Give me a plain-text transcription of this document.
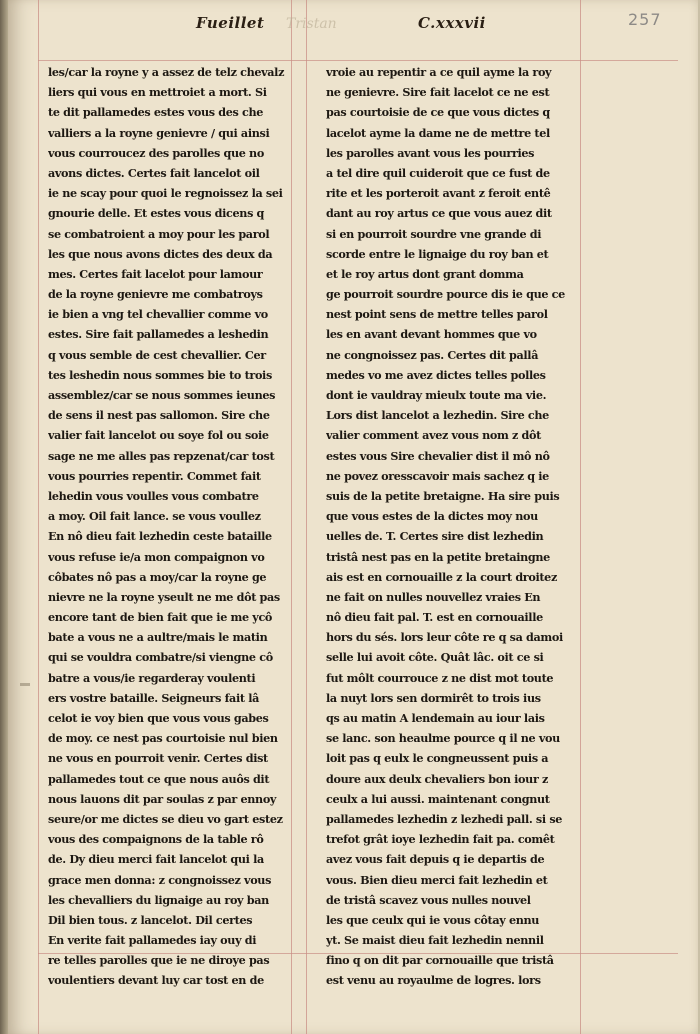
Fueillet Tristan	C.xxxvii	257
les/car la royne y a assez de telz chevalz
liers qui vous en mettroiet a mort. Si
te dit pallamedes estes vous des che
valliers a la royne genievre / qui ainsi
vous courroucez des parolles que no
avons dictes. Certes fait lancelot oil
ie ne scay pour quoi le regnoissez la sei
gnourie delle. Et estes vous dicens q
se combatroient a moy pour les parol
les que nous avons dictes des deux da
mes. Certes fait lacelot pour lamour
de la royne genievre me combatroys
ie bien a vng tel chevallier comme vo
estes. Sire fait pallamedes a leshedin
q vous semble de cest chevallier. Cer
tes leshedin nous sommes bie to trois
assemblez/car se nous sommes ieunes
de sens il nest pas sallomon. Sire che
valier fait lancelot ou soye fol ou soie
sage ne me alles pas repzenat/car tost
vous pourries repentir. Commet fait
lehedin vous voulles vous combatre
a moy. Oil fait lance. se vous voullez
En nô dieu fait lezhedin ceste bataille
vous refuse ie/a mon compaignon vo
côbates nô pas a moy/car la royne ge
nievre ne la royne yseult ne me dôt pas
encore tant de bien fait que ie me ycô
bate a vous ne a aultre/mais le matin
qui se vouldra combatre/si viengne cô
batre a vous/ie regarderay voulenti
ers vostre bataille. Seigneurs fait lâ
celot ie voy bien que vous vous gabes
de moy. ce nest pas courtoisie nul bien
ne vous en pourroit venir. Certes dist
pallamedes tout ce que nous auôs dit
nous lauons dit par soulas z par ennoy
seure/or me dictes se dieu vo gart estez
vous des compaignons de la table rô
de. Dy dieu merci fait lancelot qui la
grace men donna: z congnoissez vous
les chevalliers du lignaige au roy ban
Dil bien tous. z lancelot. Dil certes
En verite fait pallamedes iay ouy di
re telles parolles que ie ne diroye pas
voulentiers devant luy car tost en de
vroie au repentir a ce quil ayme la roy
ne genievre. Sire fait lacelot ce ne est
pas courtoisie de ce que vous dictes q
lacelot ayme la dame ne de mettre tel
les parolles avant vous les pourries
a tel dire quil cuideroit que ce fust de
rite et les porteroit avant z feroit entê
dant au roy artus ce que vous auez dit
si en pourroit sourdre vne grande di
scorde entre le lignaige du roy ban et
et le roy artus dont grant domma
ge pourroit sourdre pource dis ie que ce
nest point sens de mettre telles parol
les en avant devant hommes que vo
ne congnoissez pas. Certes dit pallâ
medes vo me avez dictes telles polles
dont ie vauldray mieulx toute ma vie.
Lors dist lancelot a lezhedin. Sire che
valier comment avez vous nom z dôt
estes vous Sire chevalier dist il mô nô
ne povez oresscavoir mais sachez q ie
suis de la petite bretaigne. Ha sire puis
que vous estes de la dictes moy nou
uelles de. T. Certes sire dist lezhedin
tristâ nest pas en la petite bretaingne
ais est en cornouaille z la court droitez
ne fait on nulles nouvellez vraies En
nô dieu fait pal. T. est en cornouaille
hors du sés. lors leur côte re q sa damoi
selle lui avoit côte. Quât lâc. oit ce si
fut môlt courrouce z ne dist mot toute
la nuyt lors sen dormirêt to trois ius
qs au matin A lendemain au iour lais
se lanc. son heaulme pource q il ne vou
loit pas q eulx le congneussent puis a
doure aux deulx chevaliers bon iour z
ceulx a lui aussi. maintenant congnut
pallamedes lezhedin z lezhedi pall. si se
trefot grât ioye lezhedin fait pa. comêt
avez vous fait depuis q ie departis de
vous. Bien dieu merci fait lezhedin et
de tristâ scavez vous nulles nouvel
les que ceulx qui ie vous côtay ennu
yt. Se maist dieu fait lezhedin nennil
fino q on dit par cornouaille que tristâ
est venu au royaulme de logres. lors
